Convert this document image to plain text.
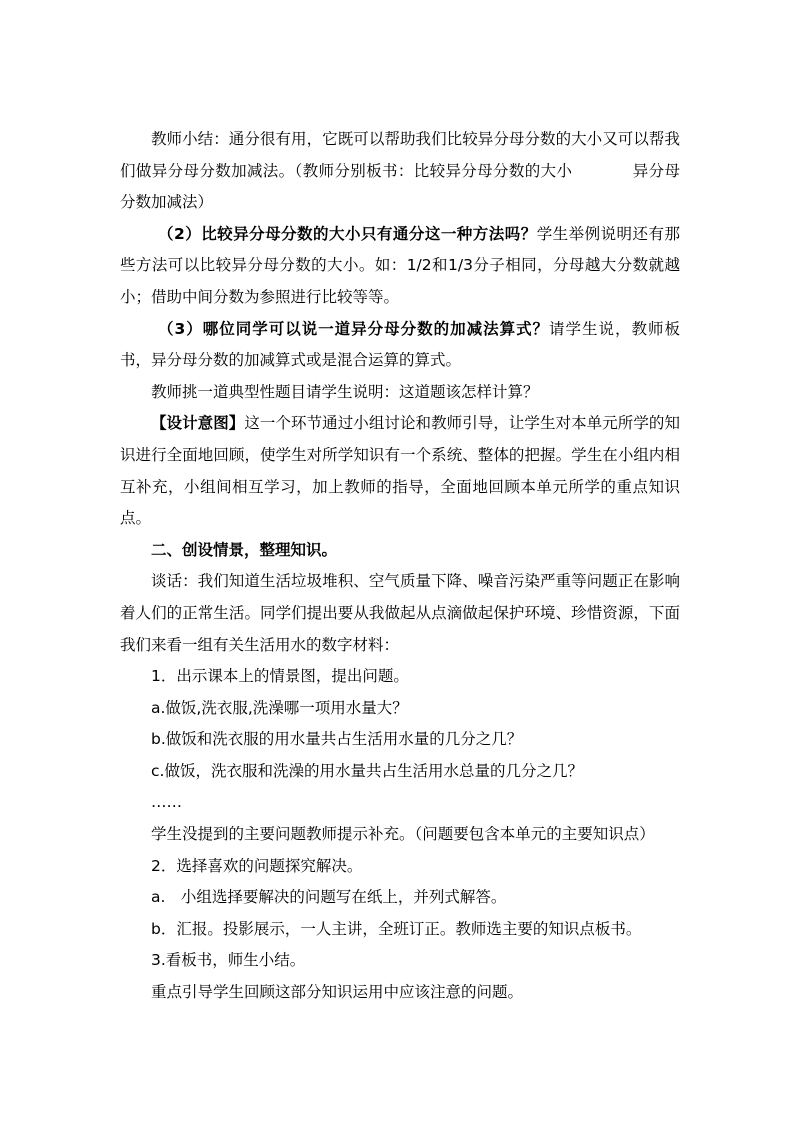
教师小结：通分很有用，它既可以帮助我们比较异分母分数的大小又可以帮我们做异分母分数加减法。（教师分别板书：比较异分母分数的大小	异分母分数加减法）

（2）比较异分母分数的大小只有通分这一种方法吗？学生举例说明还有那些方法可以比较异分母分数的大小。如：1/2和1/3分子相同，分母越大分数就越小；借助中间分数为参照进行比较等等。

（3）哪位同学可以说一道异分母分数的加减法算式？请学生说，教师板书，异分母分数的加减算式或是混合运算的算式。

教师挑一道典型性题目请学生说明：这道题该怎样计算？

【设计意图】这一个环节通过小组讨论和教师引导，让学生对本单元所学的知识进行全面地回顾，使学生对所学知识有一个系统、整体的把握。学生在小组内相互补充，小组间相互学习，加上教师的指导，全面地回顾本单元所学的重点知识点。

二、创设情景，整理知识。

谈话：我们知道生活垃圾堆积、空气质量下降、噪音污染严重等问题正在影响着人们的正常生活。同学们提出要从我做起从点滴做起保护环境、珍惜资源，下面我们来看一组有关生活用水的数字材料：

1．出示课本上的情景图，提出问题。

a.做饭,洗衣服,洗澡哪一项用水量大？

b.做饭和洗衣服的用水量共占生活用水量的几分之几？

c.做饭，洗衣服和洗澡的用水量共占生活用水总量的几分之几？

……

学生没提到的主要问题教师提示补充。（问题要包含本单元的主要知识点）

2．选择喜欢的问题探究解决。

a.　小组选择要解决的问题写在纸上，并列式解答。

b．汇报。投影展示，一人主讲，全班订正。教师选主要的知识点板书。

3.看板书，师生小结。

重点引导学生回顾这部分知识运用中应该注意的问题。
